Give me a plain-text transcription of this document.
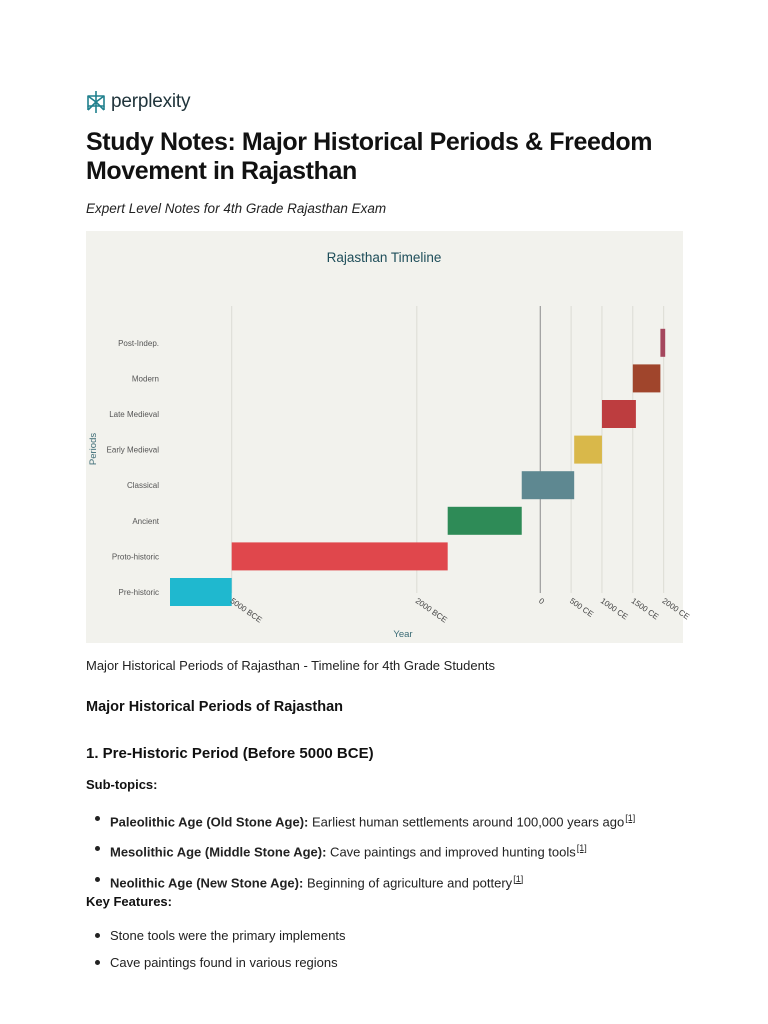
perplexity
Study Notes: Major Historical Periods & Freedom Movement in Rajasthan
Expert Level Notes for 4th Grade Rajasthan Exam
Rajasthan Timeline
Periods
Year
Pre-historic
Proto-historic
Ancient
Classical
Early Medieval
Late Medieval
Modern
Post-Indep.
5000 BCE	2000 BCE	0	500 CE 1000 CE 1500 CE 2000 CE
Major Historical Periods of Rajasthan - Timeline for 4th Grade Students
Major Historical Periods of Rajasthan
1. Pre-Historic Period (Before 5000 BCE)
Sub-topics:
Paleolithic Age (Old Stone Age): Earliest human settlements around 100,000 years ago[1]
Mesolithic Age (Middle Stone Age): Cave paintings and improved hunting tools[1]
Neolithic Age (New Stone Age): Beginning of agriculture and pottery[1]
Key Features:
Stone tools were the primary implements
Cave paintings found in various regions
